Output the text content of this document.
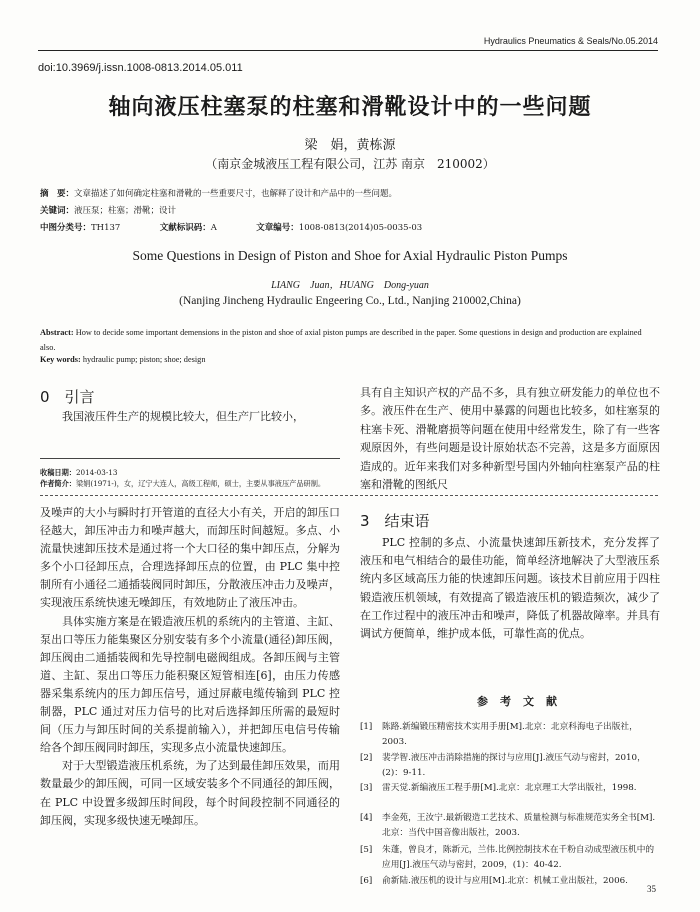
Hydraulics Pneumatics & Seals/No.05.2014
doi:10.3969/j.issn.1008-0813.2014.05.011
轴向液压柱塞泵的柱塞和滑靴设计中的一些问题
梁　娟，黄栋源
（南京金城液压工程有限公司，江苏 南京　210002）
摘　要：文章描述了如何确定柱塞和滑靴的一些重要尺寸，也解释了设计和产品中的一些问题。
关键词：液压泵；柱塞；滑靴；设计
中图分类号：TH137	文献标识码：A	文章编号：1008-0813(2014)05-0035-03
Some Questions in Design of Piston and Shoe for Axial Hydraulic Piston Pumps
LIANG　Juan，HUANG　Dong-yuan
(Nanjing Jincheng Hydraulic Engeering Co., Ltd., Nanjing 210002,China)
Abstract: How to decide some important demensions in the piston and shoe of axial piston pumps are described in the paper. Some questions in design and production are explained also.
Key words: hydraulic pump; piston; shoe; design
0　引言

我国液压件生产的规模比较大，但生产厂比较小，

收稿日期：2014-03-13
作者简介：梁娟(1971-)，女，辽宁大连人，高级工程师，硕士，主要从事液压产品研制。

具有自主知识产权的产品不多，具有独立研发能力的单位也不多。液压件在生产、使用中暴露的问题也比较多，如柱塞泵的柱塞卡死、滑靴磨损等问题在使用中经常发生，除了有一些客观原因外，有些问题是设计原始状态不完善，这是多方面原因造成的。近年来我们对多种新型号国内外轴向柱塞泵产品的柱塞和滑靴的图纸尺

及噪声的大小与瞬时打开管道的直径大小有关，开启的卸压口径越大，卸压冲击力和噪声越大，而卸压时间越短。多点、小流量快速卸压技术是通过将一个大口径的集中卸压点，分解为多个小口径卸压点，合理选择卸压点的位置，由 PLC 集中控制所有小通径二通插装阀同时卸压，分散液压冲击力及噪声，实现液压系统快速无噪卸压，有效地防止了液压冲击。

具体实施方案是在锻造液压机的系统内的主管道、主缸、泵出口等压力能集聚区分别安装有多个小流量(通径)卸压阀，卸压阀由二通插装阀和先导控制电磁阀组成。各卸压阀与主管道、主缸、泵出口等压力能积聚区短管相连[6]，由压力传感器采集系统内的压力卸压信号，通过屏蔽电缆传输到 PLC 控制器，PLC 通过对压力信号的比对后选择卸压所需的最短时间（压力与卸压时间的关系提前输入），并把卸压电信号传输给各个卸压阀同时卸压，实现多点小流量快速卸压。

对于大型锻造液压机系统，为了达到最佳卸压效果，而用数量最少的卸压阀，可同一区域安装多个不同通径的卸压阀，在 PLC 中设置多级卸压时间段，每个时间段控制不同通径的卸压阀，实现多级快速无噪卸压。

3　结束语

PLC 控制的多点、小流量快速卸压新技术，充分发挥了液压和电气相结合的最佳功能，简单经济地解决了大型液压系统内多区域高压力能的快速卸压问题。该技术目前应用于四柱锻造液压机领域，有效提高了锻造液压机的锻造频次，减少了在工作过程中的液压冲击和噪声，降低了机器故障率。并具有调试方便简单，维护成本低，可靠性高的优点。

参考文献
[1]	陈路.新编锻压精密技术实用手册[M].北京：北京科海电子出版社，2003.
[2]	裴学智.液压冲击消除措施的探讨与应用[J].液压气动与密封，2010，(2)：9-11.
[3]	雷天觉.新编液压工程手册[M].北京：北京理工大学出版社，1998.
[4]	李金苑，王汝宁.最新锻造工艺技术、质量检测与标准规范实务全书[M].北京：当代中国音像出版社，2003.
[5]	朱蓬，曾良才，陈新元，兰伟.比例控制技术在千粉自动成型液压机中的应用[J].液压气动与密封，2009，(1)：40-42.
[6]	俞新陆.液压机的设计与应用[M].北京：机械工业出版社，2006.
35
